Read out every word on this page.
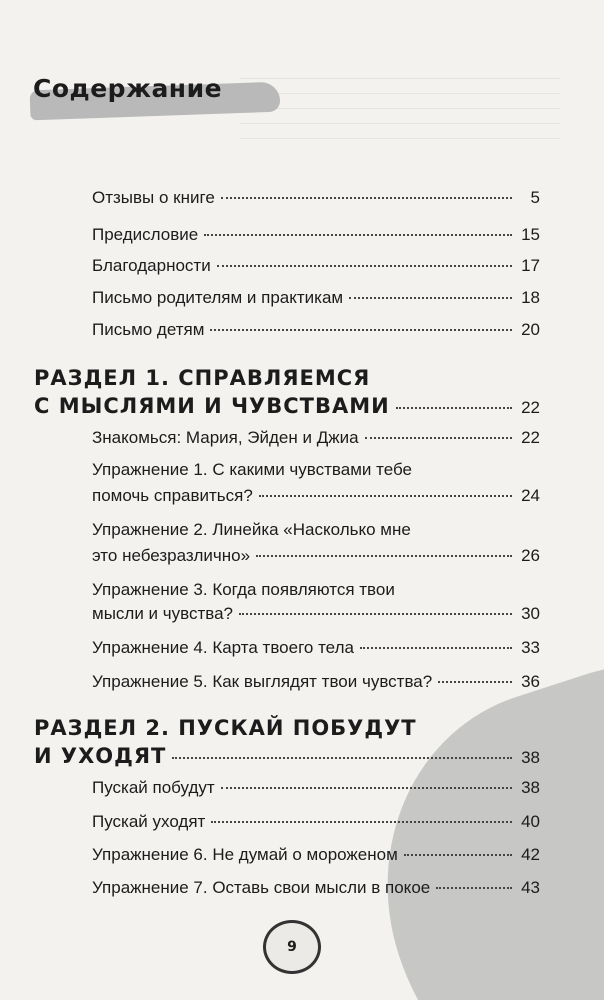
Содержание
Отзывы о книге	5
Предисловие	15
Благодарности	17
Письмо родителям и практикам	18
Письмо детям	20
РАЗДЕЛ 1. СПРАВЛЯЕМСЯ
С МЫСЛЯМИ И ЧУВСТВАМИ	22
Знакомься: Мария, Эйден и Джиа	22
Упражнение 1. С какими чувствами тебе
помочь справиться?	24
Упражнение 2. Линейка «Насколько мне
это небезразлично»	26
Упражнение 3. Когда появляются твои
мысли и чувства?	30
Упражнение 4. Карта твоего тела	33
Упражнение 5. Как выглядят твои чувства?	36
РАЗДЕЛ 2. ПУСКАЙ ПОБУДУТ
И УХОДЯТ	38
Пускай побудут	38
Пускай уходят	40
Упражнение 6. Не думай о мороженом	42
Упражнение 7. Оставь свои мысли в покое	43
9
